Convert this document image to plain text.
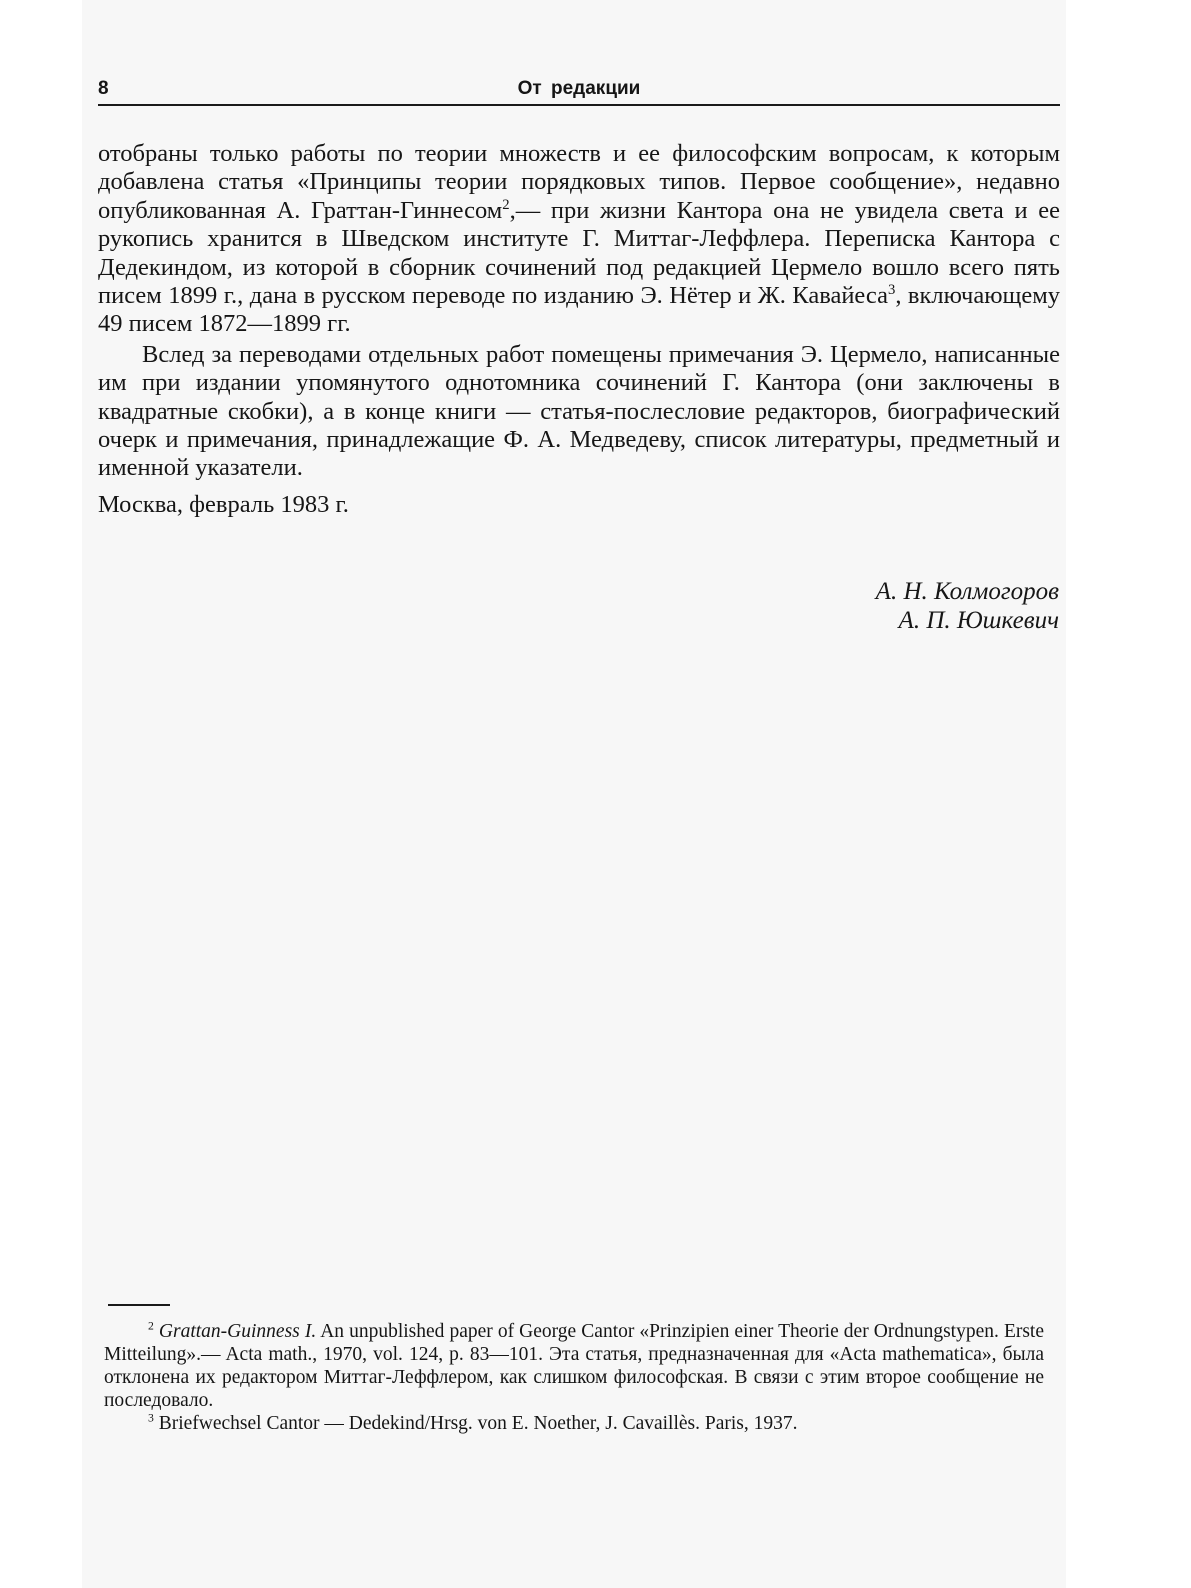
8	От редакции

отобраны только работы по теории множеств и ее философским вопросам, к которым добавлена статья «Принципы теории порядковых типов. Первое сообщение», недавно опубликованная А. Граттан-Гиннесом$^2$,— при жизни Кантора она не увидела света и ее рукопись хранится в Шведском институте Г. Миттаг-Леффлера. Переписка Кантора с Дедекиндом, из которой в сборник сочинений под редакцией Цермело вошло всего пять писем 1899 г., дана в русском переводе по изданию Э. Нётер и Ж. Кавайеса$^3$, включающему 49 писем 1872—1899 гг.

Вслед за переводами отдельных работ помещены примечания Э. Цермело, написанные им при издании упомянутого однотомника сочинений Г. Кантора (они заключены в квадратные скобки), а в конце книги — статья-послесловие редакторов, биографический очерк и примечания, принадлежащие Ф. А. Медведеву, список литературы, предметный и именной указатели.

Москва, февраль 1983 г.

А. Н. Колмогоров
А. П. Юшкевич

$^2$ Grattan-Guinness I. An unpublished paper of George Cantor «Prinzipien einer Theorie der Ordnungstypen. Erste Mitteilung».— Acta math., 1970, vol. 124, p. 83—101. Эта статья, предназначенная для «Acta mathematica», была отклонена их редактором Миттаг-Леффлером, как слишком философская. В связи с этим второе сообщение не последовало.

$^3$ Briefwechsel Cantor — Dedekind/Hrsg. von E. Noether, J. Cavaillès. Paris, 1937.
